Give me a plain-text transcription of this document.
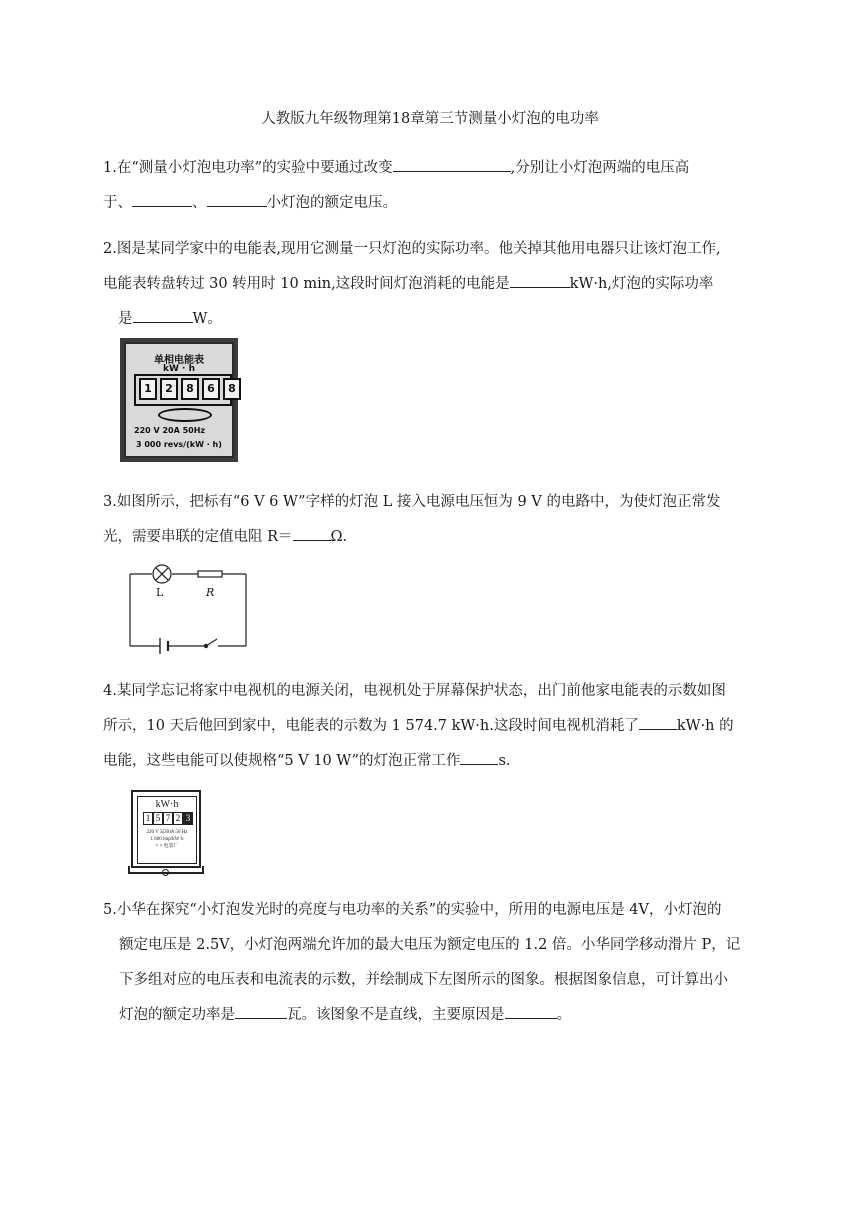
人教版九年级物理第18章第三节测量小灯泡的电功率
1.在“测量小灯泡电功率”的实验中要通过改变	,分别让小灯泡两端的电压高
于、	、	小灯泡的额定电压。
2.图是某同学家中的电能表,现用它测量一只灯泡的实际功率。他关掉其他用电器只让该灯泡工作,
电能表转盘转过 30 转用时 10 min,这段时间灯泡消耗的电能是	kW·h,灯泡的实际功率
是	W。
单相电能表
kW · h
1	2	8	6	8
220 V 20A 50Hz
3 000 revs/(kW · h)
3.如图所示，把标有“6 V 6 W”字样的灯泡 L 接入电源电压恒为 9 V 的电路中，为使灯泡正常发
光，需要串联的定值电阻 R＝	Ω.
L	R
4.某同学忘记将家中电视机的电源关闭，电视机处于屏幕保护状态，出门前他家电能表的示数如图
所示，10 天后他回到家中，电能表的示数为 1 574.7 kW·h.这段时间电视机消耗了	kW·h 的
电能，这些电能可以使规格“5 V 10 W”的灯泡正常工作	s.
kW·h
1 5 7 2 3
220 V 5(20)A 50 Hz
1 600 imp/kW·h
× × 电表厂
5.小华在探究“小灯泡发光时的亮度与电功率的关系”的实验中，所用的电源电压是 4V，小灯泡的
额定电压是 2.5V，小灯泡两端允许加的最大电压为额定电压的 1.2 倍。小华同学移动滑片 P，记
下多组对应的电压表和电流表的示数，并绘制成下左图所示的图象。根据图象信息，可计算出小
灯泡的额定功率是	瓦。该图象不是直线，主要原因是	。
